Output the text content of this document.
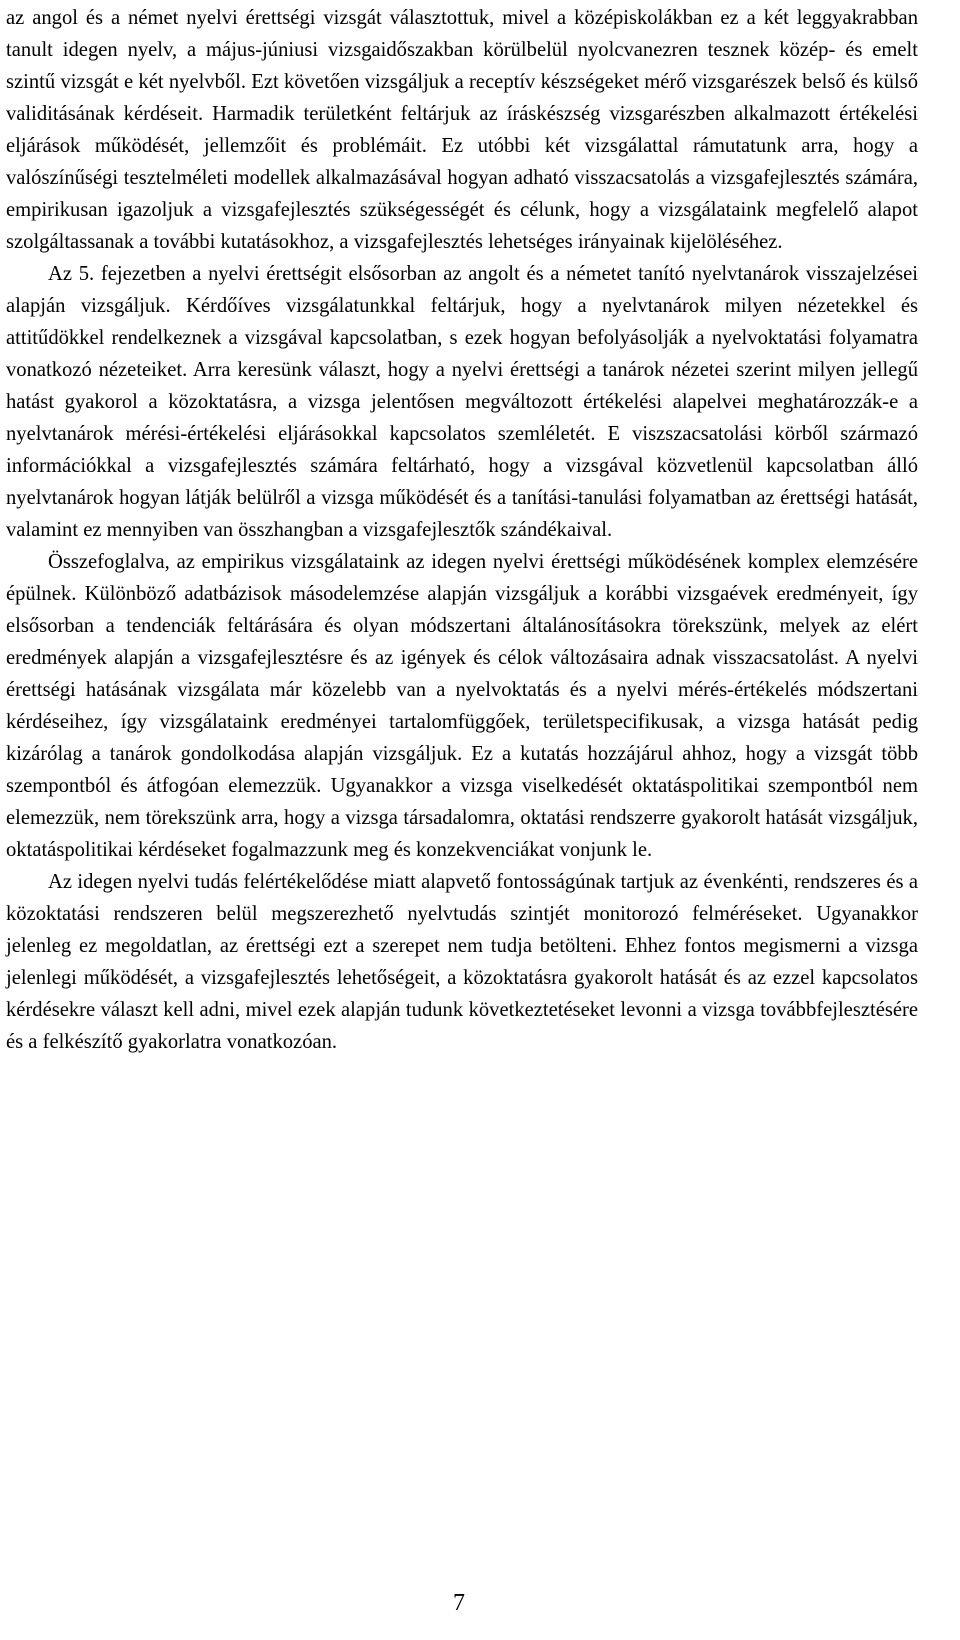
az angol és a német nyelvi érettségi vizsgát választottuk, mivel a középiskolákban ez a két leggyakrabban tanult idegen nyelv, a május-júniusi vizsgaidőszakban körülbelül nyolcvanezren tesznek közép- és emelt szintű vizsgát e két nyelvből. Ezt követően vizsgáljuk a receptív készségeket mérő vizsgarészek belső és külső validitásának kérdéseit. Harmadik területként feltárjuk az íráskészség vizsgarészben alkalmazott értékelési eljárások működését, jellemzőit és problémáit. Ez utóbbi két vizsgálattal rámutatunk arra, hogy a valószínűségi tesztelméleti modellek alkalmazásával hogyan adható visszacsatolás a vizsgafejlesztés számára, empirikusan igazoljuk a vizsgafejlesztés szükségességét és célunk, hogy a vizsgálataink megfelelő alapot szolgáltassanak a további kutatásokhoz, a vizsgafejlesztés lehetséges irányainak kijelöléséhez.

Az 5. fejezetben a nyelvi érettségit elsősorban az angolt és a németet tanító nyelvtanárok visszajelzései alapján vizsgáljuk. Kérdőíves vizsgálatunkkal feltárjuk, hogy a nyelvtanárok milyen nézetekkel és attitűdökkel rendelkeznek a vizsgával kapcsolatban, s ezek hogyan befolyásolják a nyelvoktatási folyamatra vonatkozó nézeteiket. Arra keresünk választ, hogy a nyelvi érettségi a tanárok nézetei szerint milyen jellegű hatást gyakorol a közoktatásra, a vizsga jelentősen megváltozott értékelési alapelvei meghatározzák-e a nyelvtanárok mérési-értékelési eljárásokkal kapcsolatos szemléletét. E viszszacsatolási körből származó információkkal a vizsgafejlesztés számára feltárható, hogy a vizsgával közvetlenül kapcsolatban álló nyelvtanárok hogyan látják belülről a vizsga működését és a tanítási-tanulási folyamatban az érettségi hatását, valamint ez mennyiben van összhangban a vizsgafejlesztők szándékaival.

Összefoglalva, az empirikus vizsgálataink az idegen nyelvi érettségi működésének komplex elemzésére épülnek. Különböző adatbázisok másodelemzése alapján vizsgáljuk a korábbi vizsgaévek eredményeit, így elsősorban a tendenciák feltárására és olyan módszertani általánosításokra törekszünk, melyek az elért eredmények alapján a vizsgafejlesztésre és az igények és célok változásaira adnak visszacsatolást. A nyelvi érettségi hatásának vizsgálata már közelebb van a nyelvoktatás és a nyelvi mérés-értékelés módszertani kérdéseihez, így vizsgálataink eredményei tartalomfüggőek, területspecifikusak, a vizsga hatását pedig kizárólag a tanárok gondolkodása alapján vizsgáljuk. Ez a kutatás hozzájárul ahhoz, hogy a vizsgát több szempontból és átfogóan elemezzük. Ugyanakkor a vizsga viselkedését oktatáspolitikai szempontból nem elemezzük, nem törekszünk arra, hogy a vizsga társadalomra, oktatási rendszerre gyakorolt hatását vizsgáljuk, oktatáspolitikai kérdéseket fogalmazzunk meg és konzekvenciákat vonjunk le.

Az idegen nyelvi tudás felértékelődése miatt alapvető fontosságúnak tartjuk az évenkénti, rendszeres és a közoktatási rendszeren belül megszerezhető nyelvtudás szintjét monitorozó felméréseket. Ugyanakkor jelenleg ez megoldatlan, az érettségi ezt a szerepet nem tudja betölteni. Ehhez fontos megismerni a vizsga jelenlegi működését, a vizsgafejlesztés lehetőségeit, a közoktatásra gyakorolt hatását és az ezzel kapcsolatos kérdésekre választ kell adni, mivel ezek alapján tudunk következtetéseket levonni a vizsga továbbfejlesztésére és a felkészítő gyakorlatra vonatkozóan.

7
